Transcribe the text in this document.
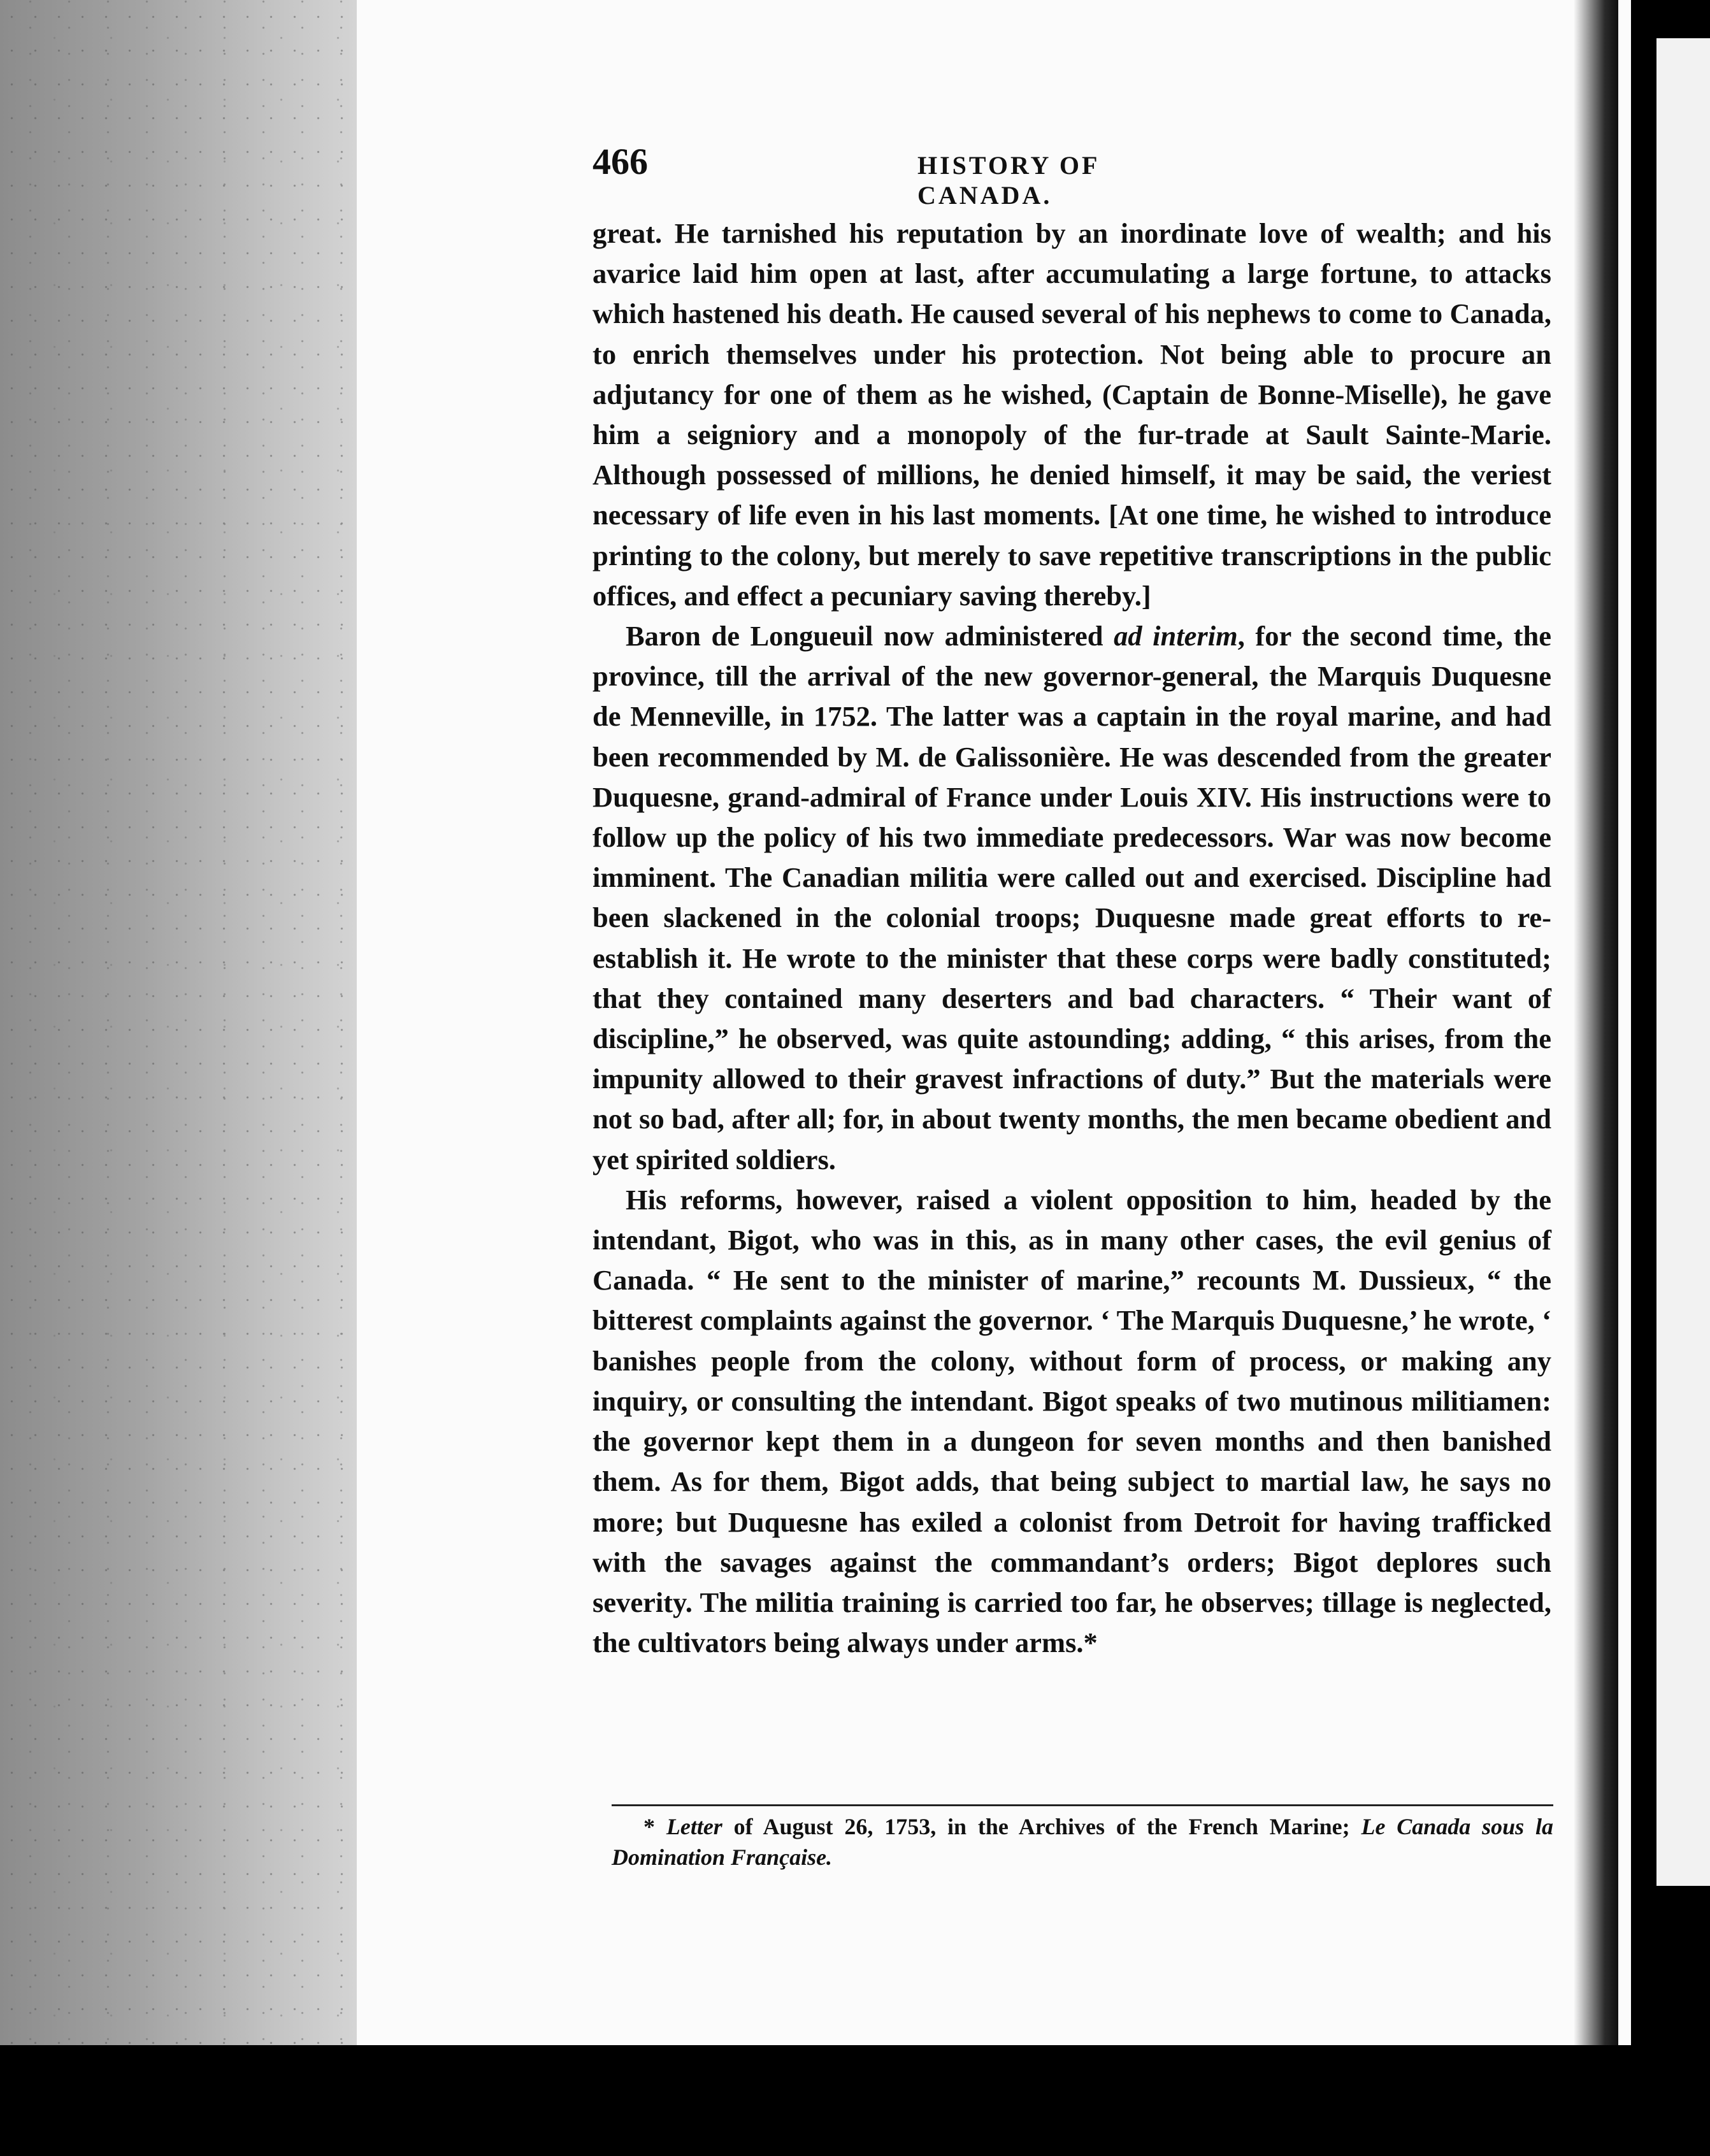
466	HISTORY OF CANADA.

great. He tarnished his reputation by an inordinate love of wealth; and his avarice laid him open at last, after accumulating a large fortune, to attacks which hastened his death. He caused several of his nephews to come to Canada, to enrich themselves under his protection. Not being able to procure an adjutancy for one of them as he wished, (Captain de Bonne-Miselle), he gave him a seigniory and a monopoly of the fur-trade at Sault Sainte-Marie. Although possessed of millions, he denied himself, it may be said, the veriest necessary of life even in his last moments. [At one time, he wished to introduce printing to the colony, but merely to save repetitive transcriptions in the public offices, and effect a pecuniary saving thereby.]

Baron de Longueuil now administered ad interim, for the second time, the province, till the arrival of the new governor-general, the Marquis Duquesne de Menneville, in 1752. The latter was a captain in the royal marine, and had been recommended by M. de Galissonière. He was descended from the greater Duquesne, grand-admiral of France under Louis XIV. His instructions were to follow up the policy of his two immediate predecessors. War was now become imminent. The Canadian militia were called out and exercised. Discipline had been slackened in the colonial troops; Duquesne made great efforts to re-establish it. He wrote to the minister that these corps were badly constituted; that they contained many deserters and bad characters. “ Their want of discipline,” he observed, was quite astounding; adding, “ this arises, from the impunity allowed to their gravest infractions of duty.” But the materials were not so bad, after all; for, in about twenty months, the men became obedient and yet spirited soldiers.

His reforms, however, raised a violent opposition to him, headed by the intendant, Bigot, who was in this, as in many other cases, the evil genius of Canada. “ He sent to the minister of marine,” recounts M. Dussieux, “ the bitterest complaints against the governor. ‘ The Marquis Duquesne,’ he wrote, ‘ banishes people from the colony, without form of process, or making any inquiry, or consulting the intendant. Bigot speaks of two mutinous militiamen: the governor kept them in a dungeon for seven months and then banished them. As for them, Bigot adds, that being subject to martial law, he says no more; but Duquesne has exiled a colonist from Detroit for having trafficked with the savages against the commandant’s orders; Bigot deplores such severity. The militia training is carried too far, he observes; tillage is neglected, the cultivators being always under arms.*

* Letter of August 26, 1753, in the Archives of the French Marine; Le Canada sous la Domination Française.
